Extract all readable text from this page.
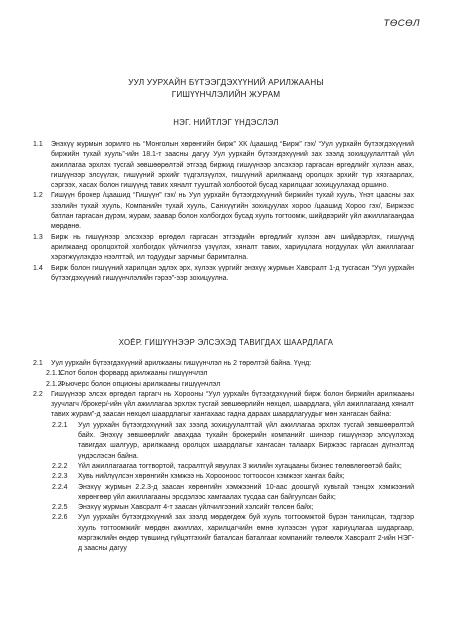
ТӨСӨЛ
УУЛ УУРХАЙН БҮТЭЭГДЭХҮҮНИЙ АРИЛЖААНЫ
ГИШҮҮНЧЛЭЛИЙН ЖУРАМ
НЭГ. НИЙТЛЭГ ҮНДЭСЛЭЛ
1.1 Энэхүү журмын зорилго нь “Монголын хөрөнгийн бирж” ХК /цаашид “Бирж” гэх/ “Уул уурхайн бүтээгдэхүүний биржийн тухай хууль”-ийн 18.1-т заасны дагуу Уул уурхайн бүтээгдэхүүний зах зээлд зохицуулалттай үйл ажиллагаа эрхлэх тусгай зөвшөөрөлтэй этгээд биржид гишүүнээр элсэхээр гаргасан өргөдлийг хүлээн авах, гишүүнээр элсүүлэх, гишүүний эрхийг түдгэлзүүлэх, гишүүний арилжаанд оролцох эрхийг түр хязгаарлах, сэргээх, хасах болон гишүүнд тавих хяналт тууштай холбоотой бусад харилцааг зохицуулахад оршино.
1.2 Гишүүн брокер /цаашид “Гишүүн” гэх/ нь Уул уурхайн бүтээгдэхүүний биржийн тухай хууль, Үнэт цаасны зах зээлийн тухай хууль, Компанийн тухай хууль, Санхүүгийн зохицуулах хороо /цаашид Хороо гэх/, Биржээс батлан гаргасан дүрэм, журам, заавар болон холбогдох бусад хууль тогтоомж, шийдвэрийг үйл ажиллагаандаа мөрдөнө.
1.3 Бирж нь гишүүнээр элсэхээр өргөдөл гаргасан этгээдийн өргөдлийг хүлээн авч шийдвэрлэх, гишүүнд арилжаанд оролцохтой холбогдох үйлчилгээ үзүүлэх, хяналт тавих, хариуцлага ногдуулах үйл ажиллагааг хэрэгжүүлэхдээ нээлттэй, ил тодуудыг зарчмыг баримтална.
1.4 Бирж болон гишүүний харилцан эдлэх эрх, хүлээх үүргийг энэхүү журмын Хавсралт 1-д тусгасан “Уул уурхайн бүтээгдэхүүний гишүүнчлэлийн гэрээ”-ээр зохицуулна.
ХОЁР. ГИШҮҮНЭЭР ЭЛСЭХЭД ТАВИГДАХ ШААРДЛАГА
2.1 Уул уурхайн бүтээгдэхүүний арилжааны гишүүнчлэл нь 2 төрөлтэй байна. Үүнд:
2.1.1.
Спот болон форвард арилжааны гишүүнчлэл
2.1.2.
Фьючерс болон опционы арилжааны гишүүнчлэл
2.2 Гишүүнээр элсэх өргөдөл гаргагч нь Хорооны “Уул уурхайн бүтээгдэхүүний бирж болон биржийн арилжааны зуучлагч /брокер/-ийн үйл ажиллагаа эрхлэх тусгай зөвшөөрлийн нөхцөл, шаардлага, үйл ажиллагаанд хяналт тавих журам”-д заасан нөхцөл шаардлагыг хангахаас гадна дараах шаардлагуудыг мөн хангасан байна:
2.2.1 Уул уурхайн бүтээгдэхүүний зах зээлд зохицуулалттай үйл ажиллагаа эрхлэх тусгай зөвшөөрөлтэй байх. Энэхүү зөвшөөрлийг авахдаа тухайн брокерийн компанийг шинээр гишүүнээр элсүүлэхэд тавигдах шалгуур, арилжаанд оролцох шаардлагыг хангасан талаарх Биржээс гаргасан дүгнэлтэд үндэслэсэн байна.
2.2.2 Үйл ажиллагаагаа тогтвортой, тасралтгүй явуулах 3 жилийн хугацааны бизнес төлөвлөгөөтэй байх;
2.2.3 Хувь нийлүүлсэн хөрөнгийн хэмжээ нь Хорооноос тогтоосон хэмжээг хангах байх;
2.2.4 Энэхүү журмын 2.2.3-д заасан хөрөнгийн хэмжээний 10-аас доошгүй хувьтай тэнцэх хэмжээний хөрөнгөөр үйл ажиллагааны эрсдэлээс хамгаалах тусдаа сан байгуулсан байх;
2.2.5 Энэхүү журмын Хавсралт 4-т заасан үйлчилгээний хэлсийг төлсөн байх;
2.2.6 Уул уурхайн бүтээгдэхүүний зах зээлд мөрдөгдөж буй хууль тогтоомжтой бүрэн танилцсан, тэдгээр хууль тогтоомжийг мөрдөн ажиллах, харилцагчийн өмнө хүлээсэн үүрэг хариуцлагаа шударгаар, мэргэжлийн өндөр түвшинд гүйцэтгэхийг баталсан баталгааг компанийг төлөөлж Хавсралт 2-ийн НЭГ-д заасны дагуу
